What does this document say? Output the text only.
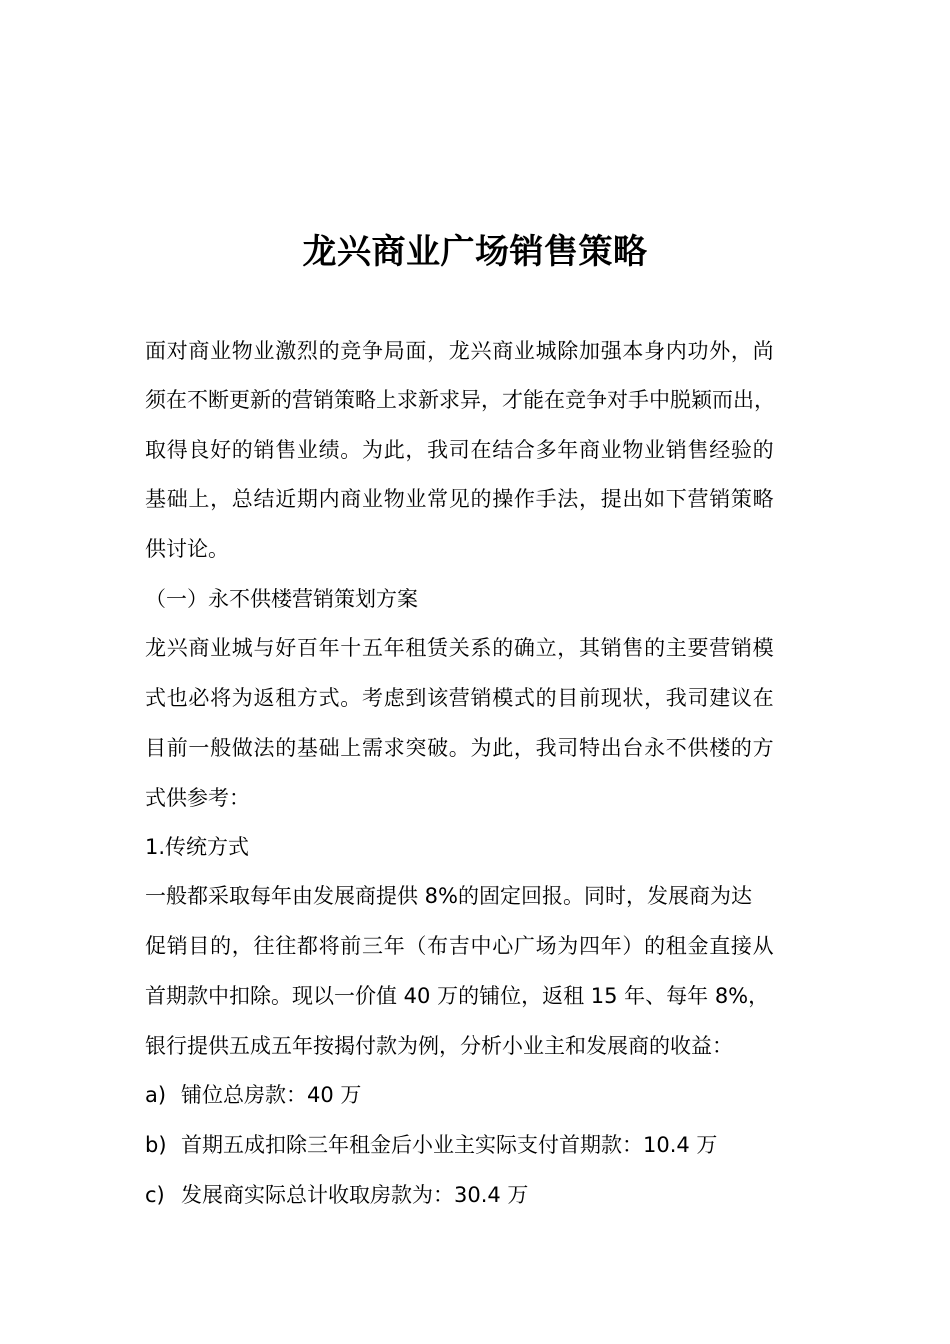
龙兴商业广场销售策略
面对商业物业激烈的竞争局面，龙兴商业城除加强本身内功外，尚
须在不断更新的营销策略上求新求异，才能在竞争对手中脱颖而出，
取得良好的销售业绩。为此，我司在结合多年商业物业销售经验的
基础上，总结近期内商业物业常见的操作手法，提出如下营销策略
供讨论。
（一）永不供楼营销策划方案
龙兴商业城与好百年十五年租赁关系的确立，其销售的主要营销模
式也必将为返租方式。考虑到该营销模式的目前现状，我司建议在
目前一般做法的基础上需求突破。为此，我司特出台永不供楼的方
式供参考：
1.传统方式
一般都采取每年由发展商提供 8%的固定回报。同时，发展商为达
促销目的，往往都将前三年（布吉中心广场为四年）的租金直接从
首期款中扣除。现以一价值 40 万的铺位，返租 15 年、每年 8%，
银行提供五成五年按揭付款为例，分析小业主和发展商的收益：
a) 铺位总房款：40 万
b) 首期五成扣除三年租金后小业主实际支付首期款：10.4 万
c) 发展商实际总计收取房款为：30.4 万
